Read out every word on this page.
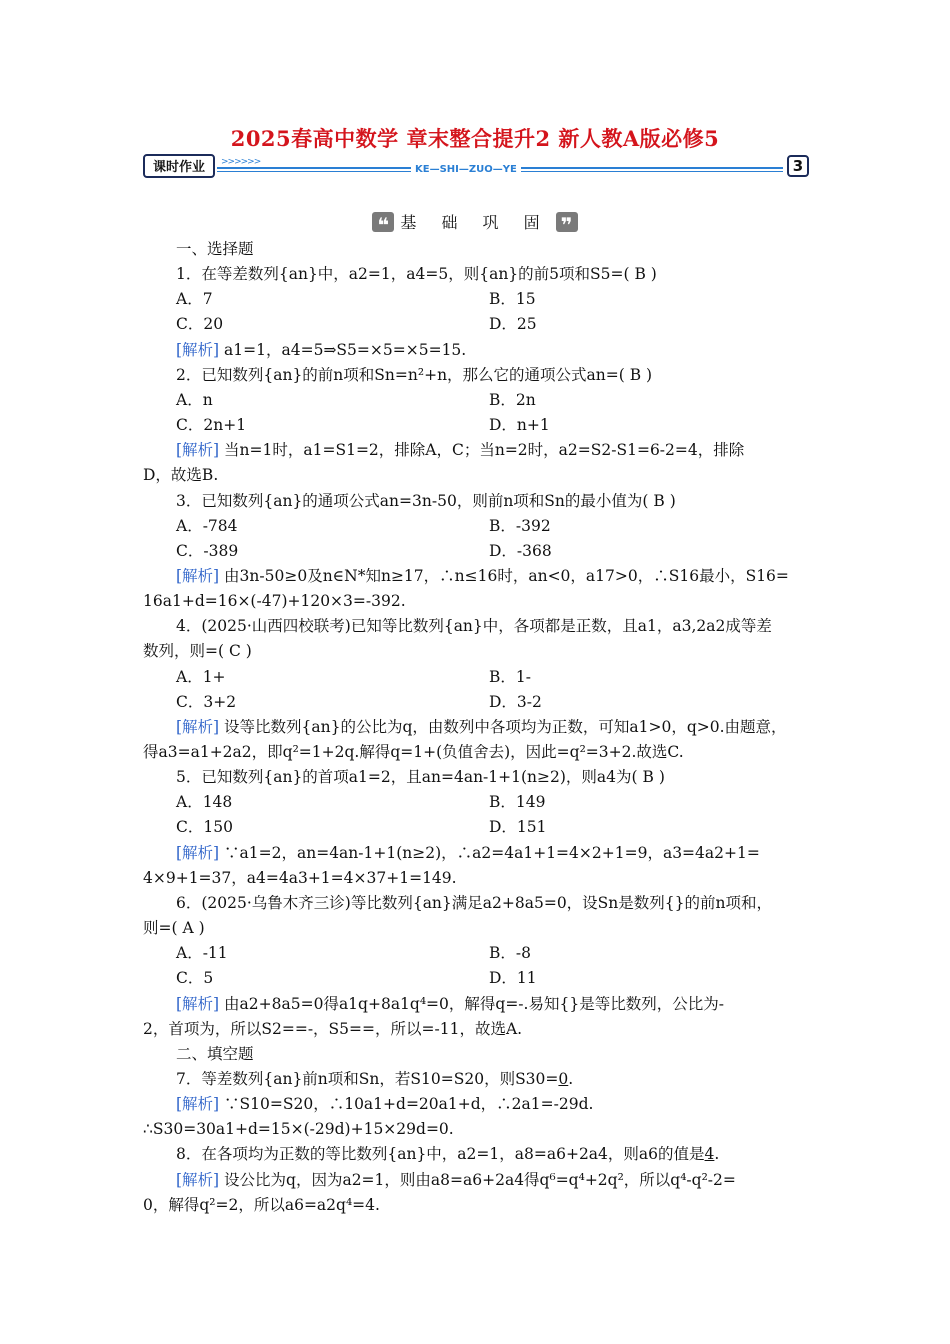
2025春高中数学 章末整合提升2 新人教A版必修5
课时作业	>>>>>>
KE—SHI—ZUO—YE	3
❝ 基 础 巩 固 ❞
一、选择题
1．在等差数列{an}中，a2=1，a4=5，则{an}的前5项和S5=( B )
A．7	B．15
C．20	D．25
[解析] a1=1，a4=5⇒S5=×5=×5=15.
2．已知数列{an}的前n项和Sn=n²+n，那么它的通项公式an=( B )
A．n	B．2n
C．2n+1	D．n+1
[解析] 当n=1时，a1=S1=2，排除A，C；当n=2时，a2=S2-S1=6-2=4，排除
D，故选B.
3．已知数列{an}的通项公式an=3n-50，则前n项和Sn的最小值为( B )
A．-784	B．-392
C．-389	D．-368
[解析] 由3n-50≥0及n∈N*知n≥17，∴n≤16时，an<0，a17>0，∴S16最小，S16=
16a1+d=16×(-47)+120×3=-392.
4．(2025·山西四校联考)已知等比数列{an}中，各项都是正数，且a1，a3,2a2成等差
数列，则=( C )
A．1+	B．1-
C．3+2	D．3-2
[解析] 设等比数列{an}的公比为q，由数列中各项均为正数，可知a1>0，q>0.由题意，
得a3=a1+2a2，即q²=1+2q.解得q=1+(负值舍去)，因此=q²=3+2.故选C.
5．已知数列{an}的首项a1=2，且an=4an-1+1(n≥2)，则a4为( B )
A．148	B．149
C．150	D．151
[解析] ∵a1=2，an=4an-1+1(n≥2)，∴a2=4a1+1=4×2+1=9，a3=4a2+1=
4×9+1=37，a4=4a3+1=4×37+1=149.
6．(2025·乌鲁木齐三诊)等比数列{an}满足a2+8a5=0，设Sn是数列{}的前n项和，
则=( A )
A．-11	B．-8
C．5	D．11
[解析] 由a2+8a5=0得a1q+8a1q⁴=0，解得q=-.易知{}是等比数列，公比为-
2，首项为，所以S2==-，S5==，所以=-11，故选A.
二、填空题
7．等差数列{an}前n项和Sn，若S10=S20，则S30=0.
[解析] ∵S10=S20，∴10a1+d=20a1+d，∴2a1=-29d.
∴S30=30a1+d=15×(-29d)+15×29d=0.
8．在各项均为正数的等比数列{an}中，a2=1，a8=a6+2a4，则a6的值是4.
[解析] 设公比为q，因为a2=1，则由a8=a6+2a4得q⁶=q⁴+2q²，所以q⁴-q²-2=
0，解得q²=2，所以a6=a2q⁴=4.
